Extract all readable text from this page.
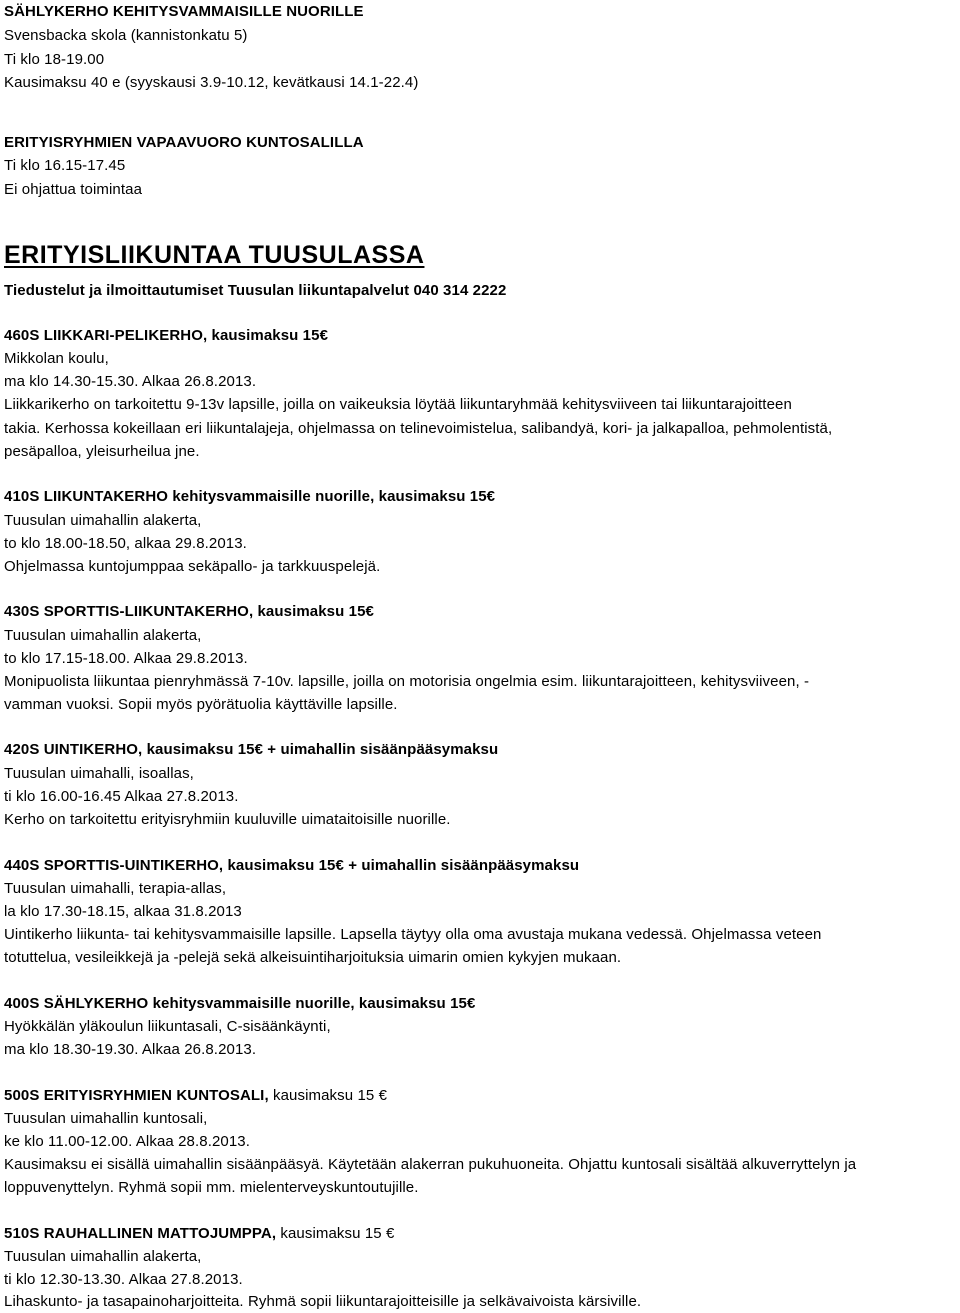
SÄHLYKERHO KEHITYSVAMMAISILLE NUORILLE
Svensbacka skola (kannistonkatu 5)
Ti klo 18-19.00
Kausimaksu 40 e (syyskausi 3.9-10.12, kevätkausi 14.1-22.4)
ERITYISRYHMIEN VAPAAVUORO KUNTOSALILLA
Ti klo 16.15-17.45
Ei ohjattua toimintaa
ERITYISLIIKUNTAA TUUSULASSA
Tiedustelut ja ilmoittautumiset Tuusulan liikuntapalvelut 040 314 2222
460S LIIKKARI-PELIKERHO, kausimaksu 15€
Mikkolan koulu,
ma klo 14.30-15.30. Alkaa 26.8.2013.
Liikkarikerho on tarkoitettu 9-13v lapsille, joilla on vaikeuksia löytää liikuntaryhmää kehitysviiveen tai liikuntarajoitteen
takia. Kerhossa kokeillaan eri liikuntalajeja, ohjelmassa on telinevoimistelua, salibandyä, kori- ja jalkapalloa, pehmolentistä,
pesäpalloa, yleisurheilua jne.
410S LIIKUNTAKERHO kehitysvammaisille nuorille, kausimaksu 15€
Tuusulan uimahallin alakerta,
to klo 18.00-18.50, alkaa 29.8.2013.
Ohjelmassa kuntojumppaa sekäpallo- ja tarkkuuspelejä.
430S SPORTTIS-LIIKUNTAKERHO, kausimaksu 15€
Tuusulan uimahallin alakerta,
to klo 17.15-18.00. Alkaa 29.8.2013.
Monipuolista liikuntaa pienryhmässä 7-10v. lapsille, joilla on motorisia ongelmia esim. liikuntarajoitteen, kehitysviiveen, -
vamman vuoksi. Sopii myös pyörätuolia käyttäville lapsille.
420S UINTIKERHO, kausimaksu 15€ + uimahallin sisäänpääsymaksu
Tuusulan uimahalli, isoallas,
ti klo 16.00-16.45 Alkaa 27.8.2013.
Kerho on tarkoitettu erityisryhmiin kuuluville uimataitoisille nuorille.
440S SPORTTIS-UINTIKERHO, kausimaksu 15€ + uimahallin sisäänpääsymaksu
Tuusulan uimahalli, terapia-allas,
la klo 17.30-18.15, alkaa 31.8.2013
Uintikerho liikunta- tai kehitysvammaisille lapsille. Lapsella täytyy olla oma avustaja mukana vedessä. Ohjelmassa veteen
totuttelua, vesileikkejä ja -pelejä sekä alkeisuintiharjoituksia uimarin omien kykyjen mukaan.
400S SÄHLYKERHO kehitysvammaisille nuorille, kausimaksu 15€
Hyökkälän yläkoulun liikuntasali, C-sisäänkäynti,
ma klo 18.30-19.30. Alkaa 26.8.2013.
500S ERITYISRYHMIEN KUNTOSALI, kausimaksu 15 €
Tuusulan uimahallin kuntosali,
ke klo 11.00-12.00. Alkaa 28.8.2013.
Kausimaksu ei sisällä uimahallin sisäänpääsyä. Käytetään alakerran pukuhuoneita. Ohjattu kuntosali sisältää alkuverryttelyn ja
loppuvenyttelyn. Ryhmä sopii mm. mielenterveyskuntoutujille.
510S RAUHALLINEN MATTOJUMPPA, kausimaksu 15 €
Tuusulan uimahallin alakerta,
ti klo 12.30-13.30. Alkaa 27.8.2013.
Lihaskunto- ja tasapainoharjoitteita. Ryhmä sopii liikuntarajoitteisille ja selkävaivoista kärsiville.
